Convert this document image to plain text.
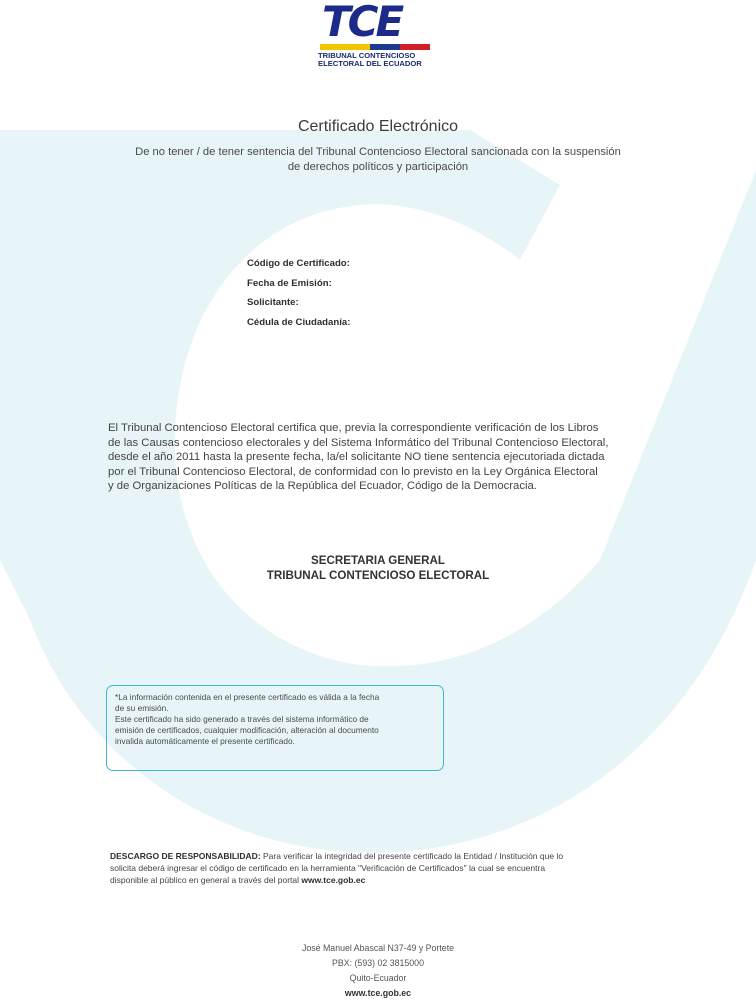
TCE
TRIBUNAL CONTENCIOSO
ELECTORAL DEL ECUADOR
Certificado Electrónico
De no tener / de tener sentencia del Tribunal Contencioso Electoral sancionada con la suspensión
de derechos políticos y participación
Código de Certificado:
Fecha de Emisión:
Solicitante:
Cédula de Ciudadanía:
El Tribunal Contencioso Electoral certifica que, previa la correspondiente verificación de los Libros
de las Causas contencioso electorales y del Sistema Informático del Tribunal Contencioso Electoral,
desde el año 2011 hasta la presente fecha, la/el solicitante NO tiene sentencia ejecutoriada dictada
por el Tribunal Contencioso Electoral, de conformidad con lo previsto en la Ley Orgánica Electoral
y de Organizaciones Políticas de la República del Ecuador, Código de la Democracia.
SECRETARIA GENERAL
TRIBUNAL CONTENCIOSO ELECTORAL
*La información contenida en el presente certificado es válida a la fecha
de su emisión.
Este certificado ha sido generado a través del sistema informático de
emisión de certificados, cualquier modificación, alteración al documento
invalida automáticamente el presente certificado.
DESCARGO DE RESPONSABILIDAD: Para verificar la integridad del presente certificado la Entidad / Institución que lo
solicita deberá ingresar el código de certificado en la herramienta "Verificación de Certificados" la cual se encuentra
disponible al público en general a través del portal www.tce.gob.ec
José Manuel Abascal N37-49 y Portete
PBX: (593) 02 3815000
Quito-Ecuador
www.tce.gob.ec
